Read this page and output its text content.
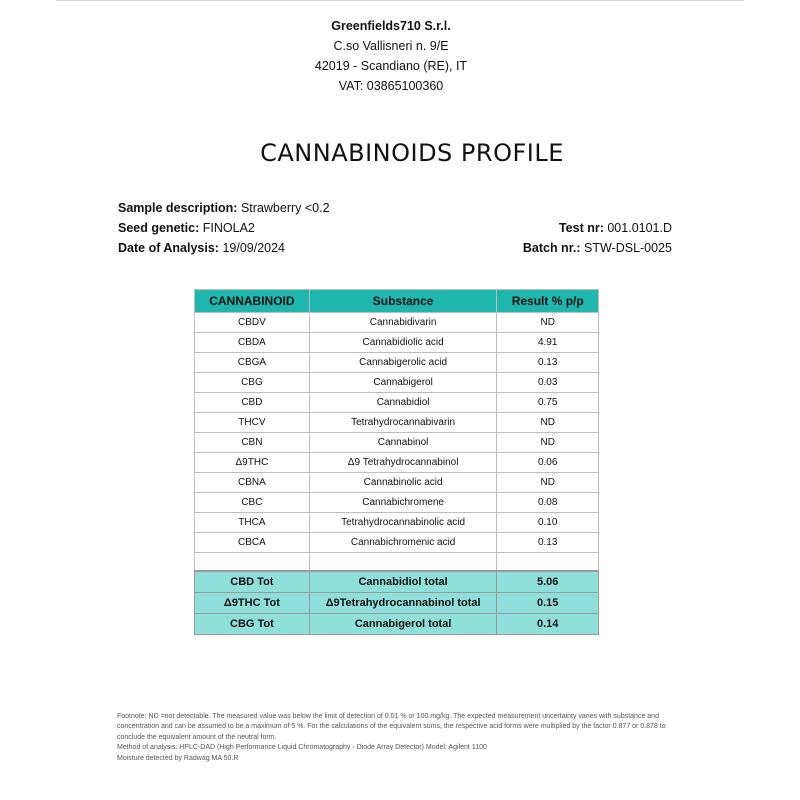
Greenfields710 S.r.l.
C.so Vallisneri n. 9/E
42019 - Scandiano (RE), IT
VAT: 03865100360
CANNABINOIDS PROFILE
Sample description: Strawberry <0.2
Seed genetic: FINOLA2
Date of Analysis: 19/09/2024
Test nr: 001.0101.D
Batch nr.: STW-DSL-0025
CANNABINOID	Substance	Result % p/p
CBDV	Cannabidivarin	ND
CBDA	Cannabidiolic acid	4.91
CBGA	Cannabigerolic acid	0.13
CBG	Cannabigerol	0.03
CBD	Cannabidiol	0.75
THCV	Tetrahydrocannabivarin	ND
CBN	Cannabinol	ND
Δ9THC	Δ9 Tetrahydrocannabinol	0.06
CBNA	Cannabinolic acid	ND
CBC	Cannabichromene	0.08
THCA	Tetrahydrocannabinolic acid	0.10
CBCA	Cannabichromenic acid	0.13

CBD Tot	Cannabidiol total	5.06
Δ9THC Tot	Δ9Tetrahydrocannabinol total	0.15
CBG Tot	Cannabigerol total	0.14

Footnote: ND =not detectable. The measured value was below the limit of detection of 0.01 % or 100 mg/kg. The expected measurement uncertainty varies with substance and concentration and can be assumed to be a maximum of 5 %. For the calculations of the equivalent sums, the respective acid forms were multiplied by the factor 0.877 or 0.878 to conclude the equivalent amount of the neutral form.

Method of analysis: HPLC-DAD (High Performance Liquid Chromatography - Diode Array Detector) Model: Agilent 1100

Moisture detected by Radwag MA 50.R
